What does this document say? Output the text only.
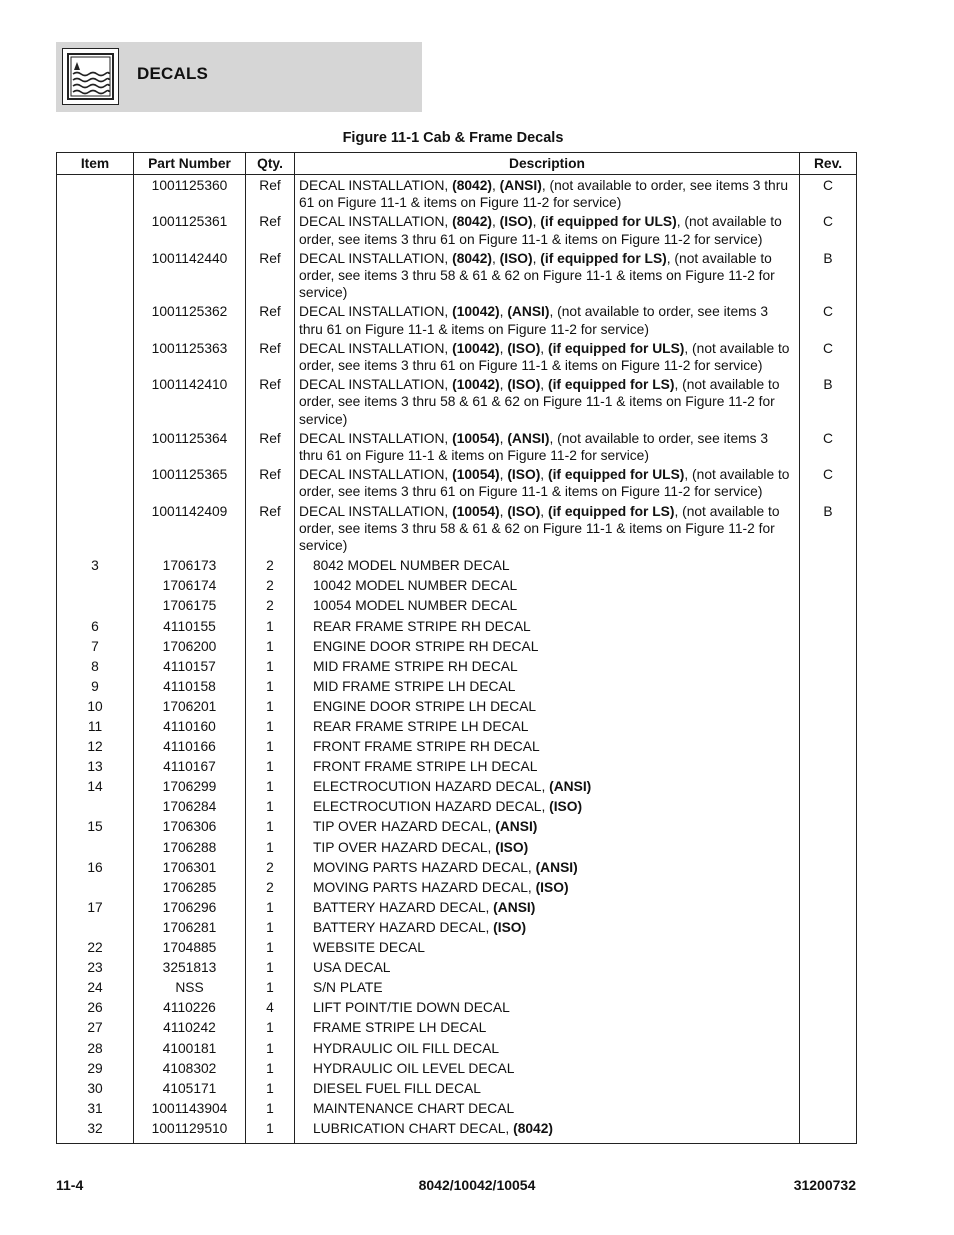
DECALS
Figure 11-1 Cab & Frame Decals
Item	Part Number	Qty.	Description	Rev.
	1001125360	Ref	DECAL INSTALLATION, (8042), (ANSI), (not available to order, see items 3 thru 61 on Figure 11-1 & items on Figure 11-2 for service)	C
	1001125361	Ref	DECAL INSTALLATION, (8042), (ISO), (if equipped for ULS), (not available to order, see items 3 thru 61 on Figure 11-1 & items on Figure 11-2 for service)	C
	1001142440	Ref	DECAL INSTALLATION, (8042), (ISO), (if equipped for LS), (not available to order, see items 3 thru 58 & 61 & 62 on Figure 11-1 & items on Figure 11-2 for service)	B
	1001125362	Ref	DECAL INSTALLATION, (10042), (ANSI), (not available to order, see items 3 thru 61 on Figure 11-1 & items on Figure 11-2 for service)	C
	1001125363	Ref	DECAL INSTALLATION, (10042), (ISO), (if equipped for ULS), (not available to order, see items 3 thru 61 on Figure 11-1 & items on Figure 11-2 for service)	C
	1001142410	Ref	DECAL INSTALLATION, (10042), (ISO), (if equipped for LS), (not available to order, see items 3 thru 58 & 61 & 62 on Figure 11-1 & items on Figure 11-2 for service)	B
	1001125364	Ref	DECAL INSTALLATION, (10054), (ANSI), (not available to order, see items 3 thru 61 on Figure 11-1 & items on Figure 11-2 for service)	C
	1001125365	Ref	DECAL INSTALLATION, (10054), (ISO), (if equipped for ULS), (not available to order, see items 3 thru 61 on Figure 11-1 & items on Figure 11-2 for service)	C
	1001142409	Ref	DECAL INSTALLATION, (10054), (ISO), (if equipped for LS), (not available to order, see items 3 thru 58 & 61 & 62 on Figure 11-1 & items on Figure 11-2 for service)	B
3	1706173	2	8042 MODEL NUMBER DECAL	
	1706174	2	10042 MODEL NUMBER DECAL	
	1706175	2	10054 MODEL NUMBER DECAL	
6	4110155	1	REAR FRAME STRIPE RH DECAL	
7	1706200	1	ENGINE DOOR STRIPE RH DECAL	
8	4110157	1	MID FRAME STRIPE RH DECAL	
9	4110158	1	MID FRAME STRIPE LH DECAL	
10	1706201	1	ENGINE DOOR STRIPE LH DECAL	
11	4110160	1	REAR FRAME STRIPE LH DECAL	
12	4110166	1	FRONT FRAME STRIPE RH DECAL	
13	4110167	1	FRONT FRAME STRIPE LH DECAL	
14	1706299	1	ELECTROCUTION HAZARD DECAL, (ANSI)	
	1706284	1	ELECTROCUTION HAZARD DECAL, (ISO)	
15	1706306	1	TIP OVER HAZARD DECAL, (ANSI)	
	1706288	1	TIP OVER HAZARD DECAL, (ISO)	
16	1706301	2	MOVING PARTS HAZARD DECAL, (ANSI)	
	1706285	2	MOVING PARTS HAZARD DECAL, (ISO)	
17	1706296	1	BATTERY HAZARD DECAL, (ANSI)	
	1706281	1	BATTERY HAZARD DECAL, (ISO)	
22	1704885	1	WEBSITE DECAL	
23	3251813	1	USA DECAL	
24	NSS	1	S/N PLATE	
26	4110226	4	LIFT POINT/TIE DOWN DECAL	
27	4110242	1	FRAME STRIPE LH DECAL	
28	4100181	1	HYDRAULIC OIL FILL DECAL	
29	4108302	1	HYDRAULIC OIL LEVEL DECAL	
30	4105171	1	DIESEL FUEL FILL DECAL	
31	1001143904	1	MAINTENANCE CHART DECAL	
32	1001129510	1	LUBRICATION CHART DECAL, (8042)	
11-4	8042/10042/10054	31200732
